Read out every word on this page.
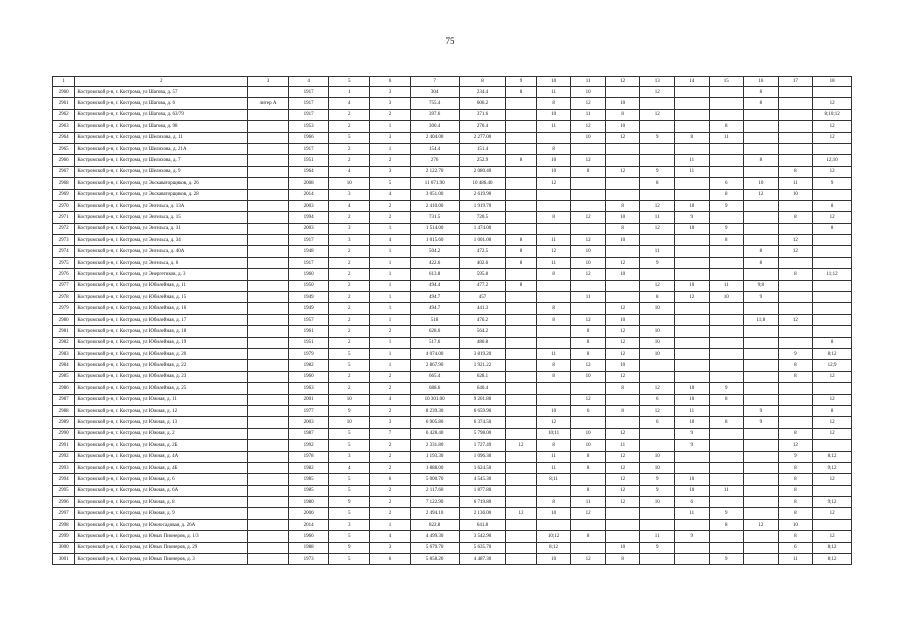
75
1	2	3	4	5	6	7	8	9	10	11	12	13	14	15	16	17	18
2960	Костромской р-н, г. Кострома, ул Шагова, д. 57		1917	1	3	304	234.4	8	11	10		12			8		
2961	Костромской р-н, г. Кострома, ул Шагова, д. 6	литер А	1917	4	3	755.4	606.2		8	12	10				8		12
2962	Костромской р-н, г. Кострома, ул Шагова, д. 63/79		1917	2	2	397.6	371.6		10	11	8	12					8;10;12
2963	Костромской р-н, г. Кострома, ул Шагова, д. 98		1953	2	1	300.4	270.4		11	12	10			8			12
2964	Костромской р-н, г. Кострома, ул Шелихова, д. 11		1966	5	3	2 404.00	2 277.00			10	12	9	8	11			12
2965	Костромской р-н, г. Кострома, ул Шелихова, д. 21А		1917	2	1	154.4	151.4		8								
2966	Костромской р-н, г. Кострома, ул Шелихова, д. 7		1951	2	2	276	252.9	8	10	12			11		8		12;10
2967	Костромской р-н, г. Кострома, ул Шелихова, д. 9		1964	4	3	2 122.70	2 080.40		10	8	12	9	11			8	12
2968	Костромской р-н, г. Кострома, ул Экскаваторщиков, д. 26		2008	10	5	11 071.90	10 486.40		12			8		6	10	11	9
2969	Костромской р-н, г. Кострома, ул Экскаваторщиков, д. 28		2014	3	4	3 051.00	2 619.90							8	12	10	
2970	Костромской р-н, г. Кострома, ул Энгельса, д. 13А		2003	4	2	2 410.00	1 919.70				8	12	10	9			8
2971	Костромской р-н, г. Кострома, ул Энгельса, д. 15		1994	2	2	731.5	720.5		8	12	10	11	9			8	12
2972	Костромской р-н, г. Кострома, ул Энгельса, д. 31		2003	3	1	1 514.00	1 474.00				8	12	10	9			8
2973	Костромской р-н, г. Кострома, ул Энгельса, д. 34		1917	3	4	1 015.60	1 001.00	8	11	12	10			8		12	
2974	Костромской р-н, г. Кострома, ул Энгельса, д. 40А		1948	2	1	504.2	472.5	8	12	10		11			8	12	
2975	Костромской р-н, г. Кострома, ул Энгельса, д. 6		1917	2	1	422.6	402.6	8	11	10	12	9			8		
2976	Костромской р-н, г. Кострома, ул Энергетиков, д. 3		1960	2	1	613.8	595.8		8	12	10					8	11;12
2977	Костромской р-н, г. Кострома, ул Юбилейная, д. 11		1950	2	1	494.4	477.2	8				12	10	11	9;8		
2978	Костромской р-н, г. Кострома, ул Юбилейная, д. 15		1949	2	1	494.7	457			11		8	12	10	9		
2979	Костромской р-н, г. Кострома, ул Юбилейная, д. 16		1949	2	1	494.7	441.3		8		12	10					
2980	Костромской р-н, г. Кострома, ул Юбилейная, д. 17		1957	2	1	518	476.2		8	12	10				11;8	12	
2981	Костромской р-н, г. Кострома, ул Юбилейная, д. 18		1961	2	2	628.6	564.2			8	12	10					
2982	Костромской р-н, г. Кострома, ул Юбилейная, д. 19		1951	2	1	517.6	480.8			8	12	10					8
2983	Костромской р-н, г. Кострома, ул Юбилейная, д. 20		1979	5	1	4 074.00	3 819.20		11	8	12	10				9	8;12
2984	Костромской р-н, г. Кострома, ул Юбилейная, д. 22		1982	5	1	2 867.90	1 921.22		8	12	10					8	12;9
2985	Костромской р-н, г. Кострома, ул Юбилейная, д. 23		1960	2	2	665.4	628.1		8	10	12					8	12
2986	Костромской р-н, г. Кострома, ул Юбилейная, д. 25		1963	2	2	688.6	640.4				8	12	10	9			
2987	Костромской р-н, г. Кострома, ул Южная, д. 11		2001	10	4	10 301.00	9 201.80			12		6	10	8			12
2988	Костромской р-н, г. Кострома, ул Южная, д. 12		1977	9	2	8 239.30	6 659.90		10	6	8	12	11		9		8
2989	Костромской р-н, г. Кострома, ул Южная, д. 13		2003	10	3	6 905.80	6 374.50		12			6	10	8	9		12
2990	Костромской р-н, г. Кострома, ул Южная, д. 2		1987	5	7	6 428.40	5 798.00		10;11	10	12		9			8	12
2991	Костромской р-н, г. Кострома, ул Южная, д. 2Б		1992	5	2	2 331.80	1 727.49	12	8	10	11		9			12	
2992	Костромской р-н, г. Кострома, ул Южная, д. 4А		1978	3	2	1 193.30	1 096.30		11	8	12	10				9	8;12
2993	Костромской р-н, г. Кострома, ул Южная, д. 4Б		1982	4	2	1 888.00	1 624.50		11	8	12	10				8	9;12
2994	Костромской р-н, г. Кострома, ул Южная, д. 6		1985	5	6	5 000.70	4 545.30		8;11		12	9	10			8	12
2995	Костромской р-н, г. Кострома, ул Южная, д. 6А		1985	5	2	2 117.60	1 877.80			8	12	9	10	11		8	
2996	Костромской р-н, г. Кострома, ул Южная, д. 8		1980	9	2	7 122.90	6 719.80		8	11	12	10	6			8	9;12
2997	Костромской р-н, г. Кострома, ул Южная, д. 9		2000	5	2	2 494.10	2 136.00	12	10	12			11	9		8	12
2998	Костромской р-н, г. Кострома, ул Южносадовая, д. 26А		2014	3	1	822.8	641.8							8	12	10	
2999	Костромской р-н, г. Кострома, ул Юных Пионеров, д. 1/3		1966	5	4	4 499.30	3 542.90		10;12	8		11	9			8	12
3000	Костромской р-н, г. Кострома, ул Юных Пионеров, д. 29		1988	9	3	5 679.70	5 635.70		8;12		10	9				6	8;12
3001	Костромской р-н, г. Кострома, ул Юных Пионеров, д. 3		1973	5	6	5 858.20	4 487.30		10	12	8			9		11	8;12
